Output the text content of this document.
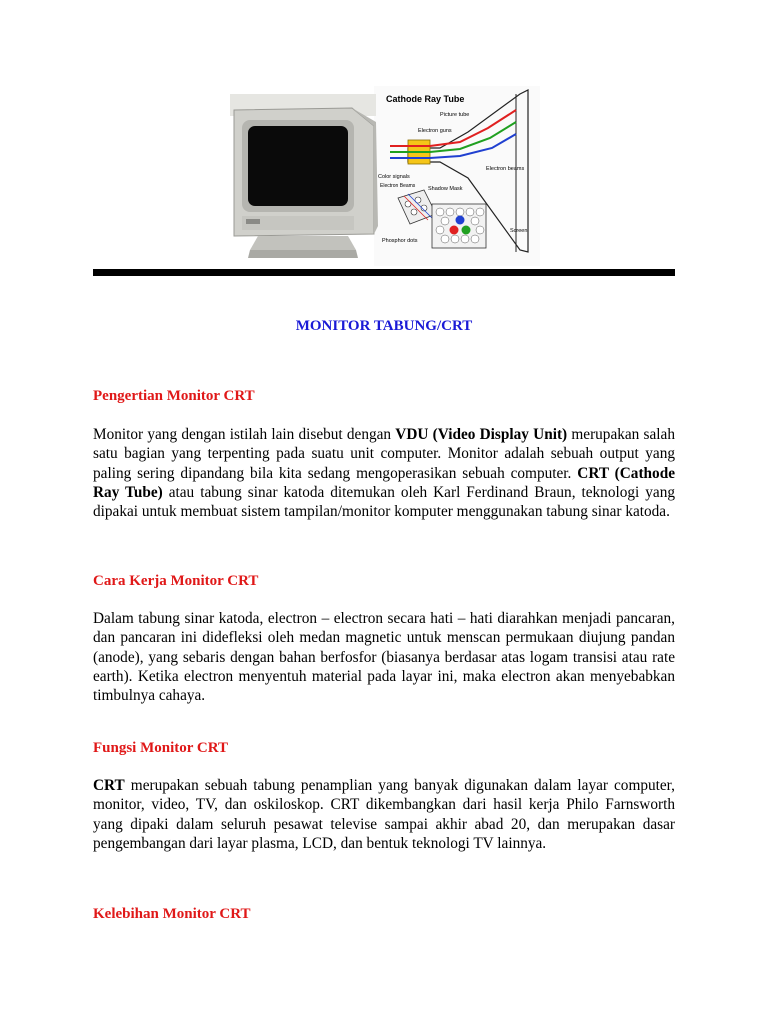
Cathode Ray Tube
Picture tube
Electron guns
Electron beams
Color signals
Electron Beams Shadow Mask
Screen
Phosphor dots
MONITOR TABUNG/CRT
Pengertian Monitor CRT
Monitor yang dengan istilah lain disebut dengan VDU (Video Display Unit) merupakan salah satu bagian yang terpenting pada suatu unit computer. Monitor adalah sebuah output yang paling sering dipandang bila kita sedang mengoperasikan sebuah computer. CRT (Cathode Ray Tube) atau tabung sinar katoda ditemukan oleh Karl Ferdinand Braun, teknologi yang dipakai untuk membuat sistem tampilan/monitor komputer menggunakan tabung sinar katoda.
Cara Kerja Monitor CRT
Dalam tabung sinar katoda, electron – electron secara hati – hati diarahkan menjadi pancaran, dan pancaran ini didefleksi oleh medan magnetic untuk menscan permukaan diujung pandan (anode), yang sebaris dengan bahan berfosfor (biasanya berdasar atas logam transisi atau rate earth). Ketika electron menyentuh material pada layar ini, maka electron akan menyebabkan timbulnya cahaya.
Fungsi Monitor CRT
CRT merupakan sebuah tabung penamplian yang banyak digunakan dalam layar computer, monitor, video, TV, dan oskiloskop. CRT dikembangkan dari hasil kerja Philo Farnsworth yang dipaki dalam seluruh pesawat televise sampai akhir abad 20, dan merupakan dasar pengembangan dari layar plasma, LCD, dan bentuk teknologi TV lainnya.
Kelebihan Monitor CRT
